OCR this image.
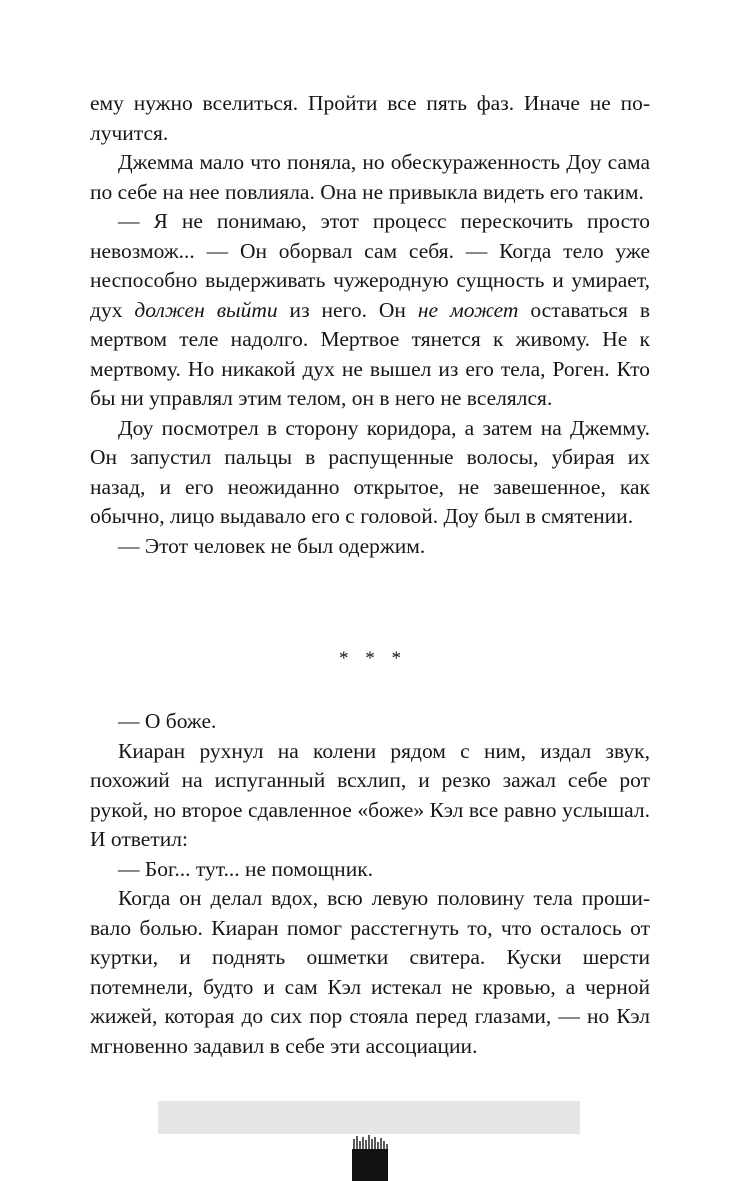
ему нужно вселиться. Пройти все пять фаз. Иначе не получится.

Джемма мало что поняла, но обескураженность Доу сама по себе на нее повлияла. Она не привыкла видеть его таким.

— Я не понимаю, этот процесс перескочить просто невозмож... — Он оборвал сам себя. — Когда тело уже неспособно выдерживать чужеродную сущность и умирает, дух должен выйти из него. Он не может оставаться в мертвом теле надолго. Мертвое тянется к живому. Не к мертвому. Но никакой дух не вышел из его тела, Роген. Кто бы ни управлял этим телом, он в него не вселялся.

Доу посмотрел в сторону коридора, а затем на Джемму. Он запустил пальцы в распущенные волосы, убирая их назад, и его неожиданно открытое, не завешенное, как обычно, лицо выдавало его с головой. Доу был в смятении.

— Этот человек не был одержим.

* * *

— О боже.

Киаран рухнул на колени рядом с ним, издал звук, похожий на испуганный всхлип, и резко зажал себе рот рукой, но второе сдавленное «боже» Кэл все равно услышал. И ответил:

— Бог... тут... не помощник.

Когда он делал вдох, всю левую половину тела прошивало болью. Киаран помог расстегнуть то, что осталось от куртки, и поднять ошметки свитера. Куски шерсти потемнели, будто и сам Кэл истекал не кровью, а черной жижей, которая до сих пор стояла перед глазами, — но Кэл мгновенно задавил в себе эти ассоциации.
